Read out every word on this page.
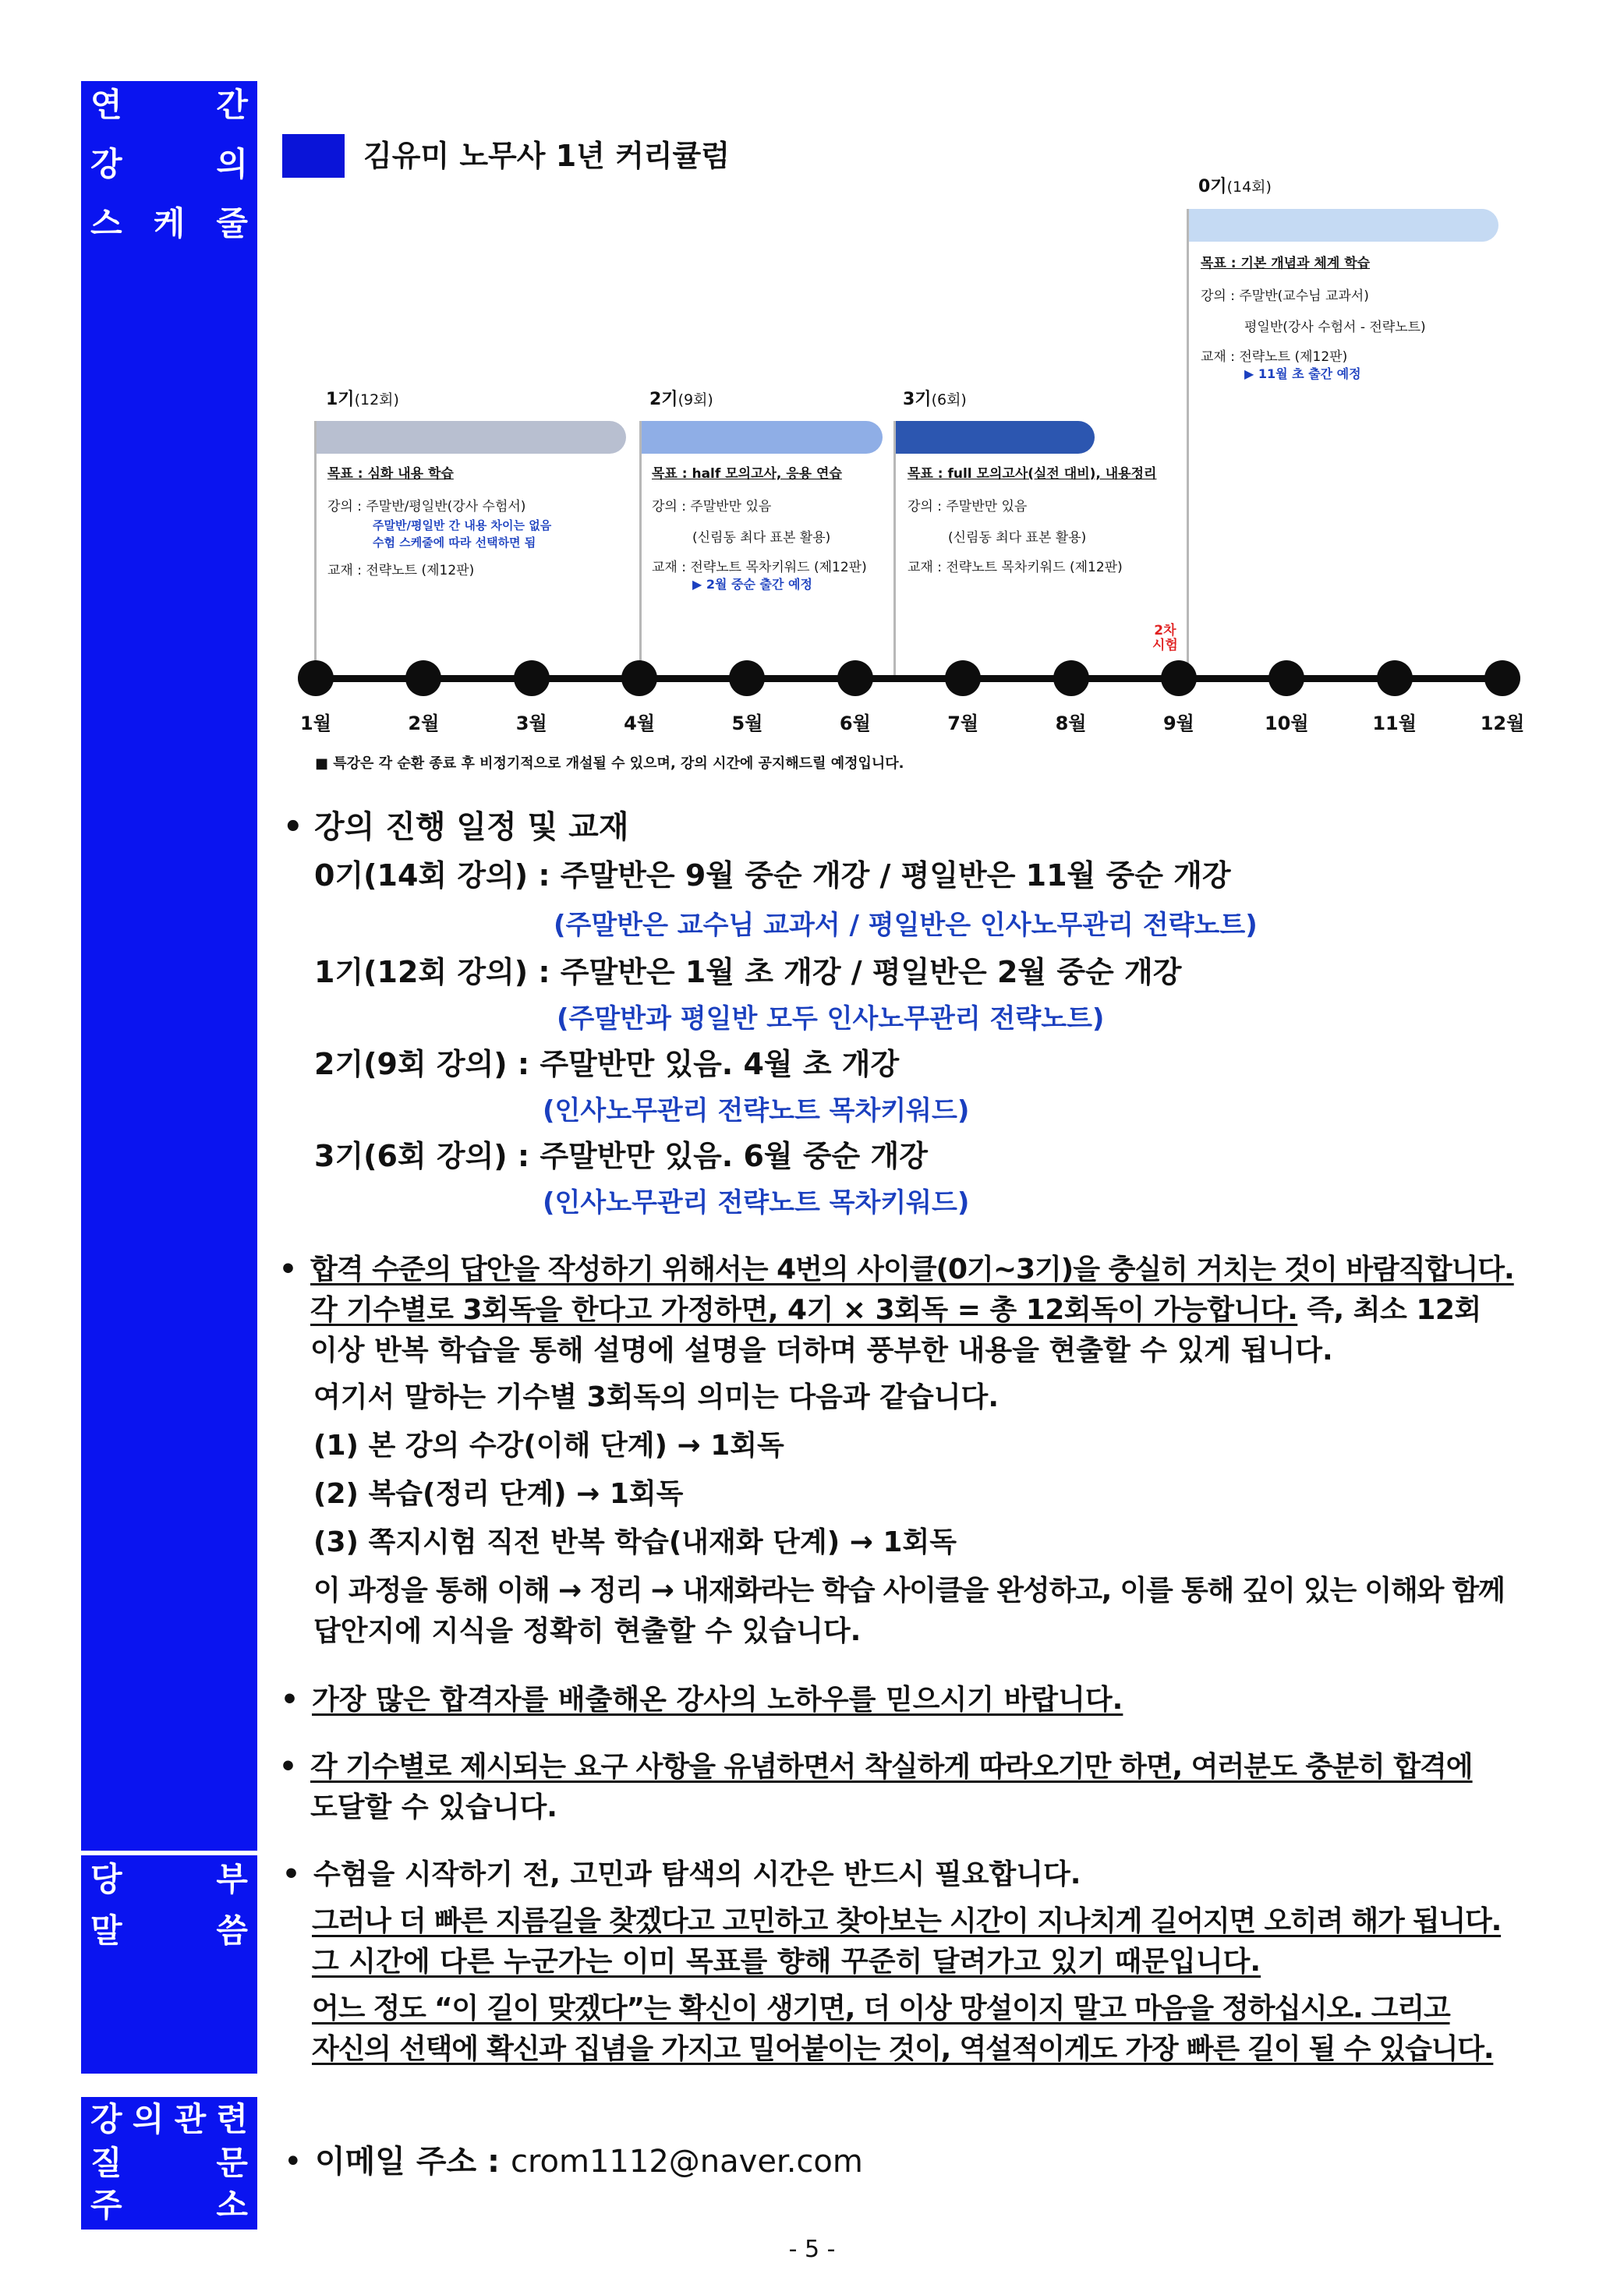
연	간
강	의
스 케 줄
당	부
말	씀
강 의 관 련
질	문
주	소
김유미 노무사 1년 커리큘럼
0기(14회)
목표 : 기본 개념과 체계 학습
강의 : 주말반(교수님 교과서)
평일반(강사 수험서 - 전략노트)
교재 : 전략노트 (제12판)
▶ 11월 초 출간 예정
1기(12회)
목표 : 심화 내용 학습
강의 : 주말반/평일반(강사 수험서)
주말반/평일반 간 내용 차이는 없음
수험 스케줄에 따라 선택하면 됨
교재 : 전략노트 (제12판)
2기(9회)
목표 : half 모의고사, 응용 연습
강의 : 주말반만 있음
(신림동 최다 표본 활용)
교재 : 전략노트 목차키워드 (제12판)
▶ 2월 중순 출간 예정
3기(6회)
목표 : full 모의고사(실전 대비), 내용정리
강의 : 주말반만 있음
(신림동 최다 표본 활용)
교재 : 전략노트 목차키워드 (제12판)
2차
시험
1월	2월	3월	4월	5월	6월	7월	8월	9월	10월	11월	12월
■ 특강은 각 순환 종료 후 비정기적으로 개설될 수 있으며, 강의 시간에 공지해드릴 예정입니다.
• 강의 진행 일정 및 교재
0기(14회 강의) : 주말반은 9월 중순 개강 / 평일반은 11월 중순 개강
(주말반은 교수님 교과서 / 평일반은 인사노무관리 전략노트)
1기(12회 강의) : 주말반은 1월 초 개강 / 평일반은 2월 중순 개강
(주말반과 평일반 모두 인사노무관리 전략노트)
2기(9회 강의) : 주말반만 있음. 4월 초 개강
(인사노무관리 전략노트 목차키워드)
3기(6회 강의) : 주말반만 있음. 6월 중순 개강
(인사노무관리 전략노트 목차키워드)
• 합격 수준의 답안을 작성하기 위해서는 4번의 사이클(0기~3기)을 충실히 거치는 것이 바람직합니다.
각 기수별로 3회독을 한다고 가정하면, 4기 × 3회독 = 총 12회독이 가능합니다. 즉, 최소 12회
이상 반복 학습을 통해 설명에 설명을 더하며 풍부한 내용을 현출할 수 있게 됩니다.
여기서 말하는 기수별 3회독의 의미는 다음과 같습니다.
(1) 본 강의 수강(이해 단계) → 1회독
(2) 복습(정리 단계) → 1회독
(3) 쪽지시험 직전 반복 학습(내재화 단계) → 1회독
이 과정을 통해 이해 → 정리 → 내재화라는 학습 사이클을 완성하고, 이를 통해 깊이 있는 이해와 함께
답안지에 지식을 정확히 현출할 수 있습니다.
• 가장 많은 합격자를 배출해온 강사의 노하우를 믿으시기 바랍니다.
• 각 기수별로 제시되는 요구 사항을 유념하면서 착실하게 따라오기만 하면, 여러분도 충분히 합격에
도달할 수 있습니다.
• 수험을 시작하기 전, 고민과 탐색의 시간은 반드시 필요합니다.
그러나 더 빠른 지름길을 찾겠다고 고민하고 찾아보는 시간이 지나치게 길어지면 오히려 해가 됩니다.
그 시간에 다른 누군가는 이미 목표를 향해 꾸준히 달려가고 있기 때문입니다.
어느 정도 “이 길이 맞겠다”는 확신이 생기면, 더 이상 망설이지 말고 마음을 정하십시오. 그리고
자신의 선택에 확신과 집념을 가지고 밀어붙이는 것이, 역설적이게도 가장 빠른 길이 될 수 있습니다.
• 이메일 주소 : crom1112@naver.com
- 5 -
